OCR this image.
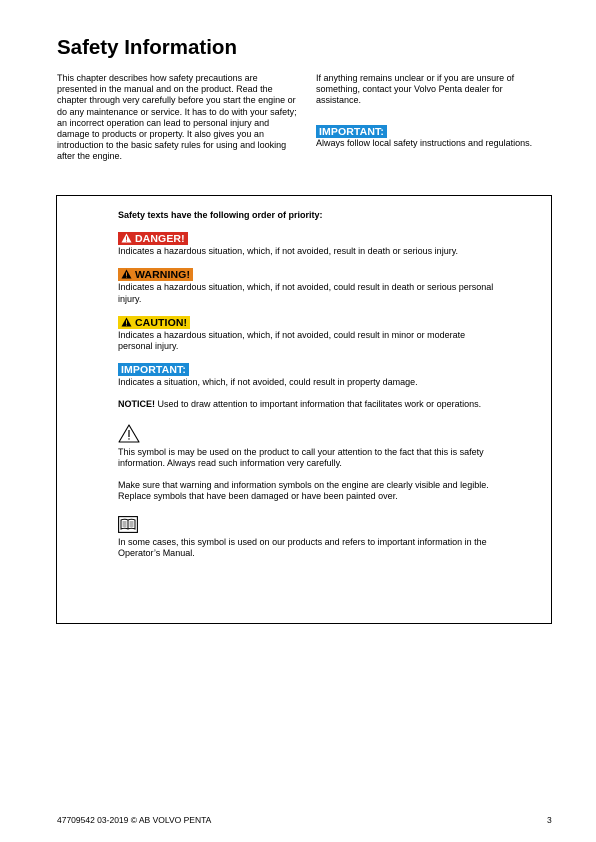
Safety Information

This chapter describes how safety precautions are presented in the manual and on the product. Read the chapter through very carefully before you start the engine or do any maintenance or service. It has to do with your safety; an incorrect operation can lead to personal injury and damage to products or property. It also gives you an introduction to the basic safety rules for using and looking after the engine.

If anything remains unclear or if you are unsure of something, contact your Volvo Penta dealer for assistance.

IMPORTANT:

Always follow local safety instructions and regulations.

Safety texts have the following order of priority:

DANGER!

Indicates a hazardous situation, which, if not avoided, result in death or serious injury.

WARNING!

Indicates a hazardous situation, which, if not avoided, could result in death or serious personal injury.

CAUTION!

Indicates a hazardous situation, which, if not avoided, could result in minor or moderate personal injury.

IMPORTANT:

Indicates a situation, which, if not avoided, could result in property damage.

NOTICE! Used to draw attention to important information that facilitates work or operations.

This symbol is may be used on the product to call your attention to the fact that this is safety information. Always read such information very carefully.

Make sure that warning and information symbols on the engine are clearly visible and legible. Replace symbols that have been damaged or have been painted over.

In some cases, this symbol is used on our products and refers to important information in the Operator’s Manual.

47709542 03-2019 © AB VOLVO PENTA	3
